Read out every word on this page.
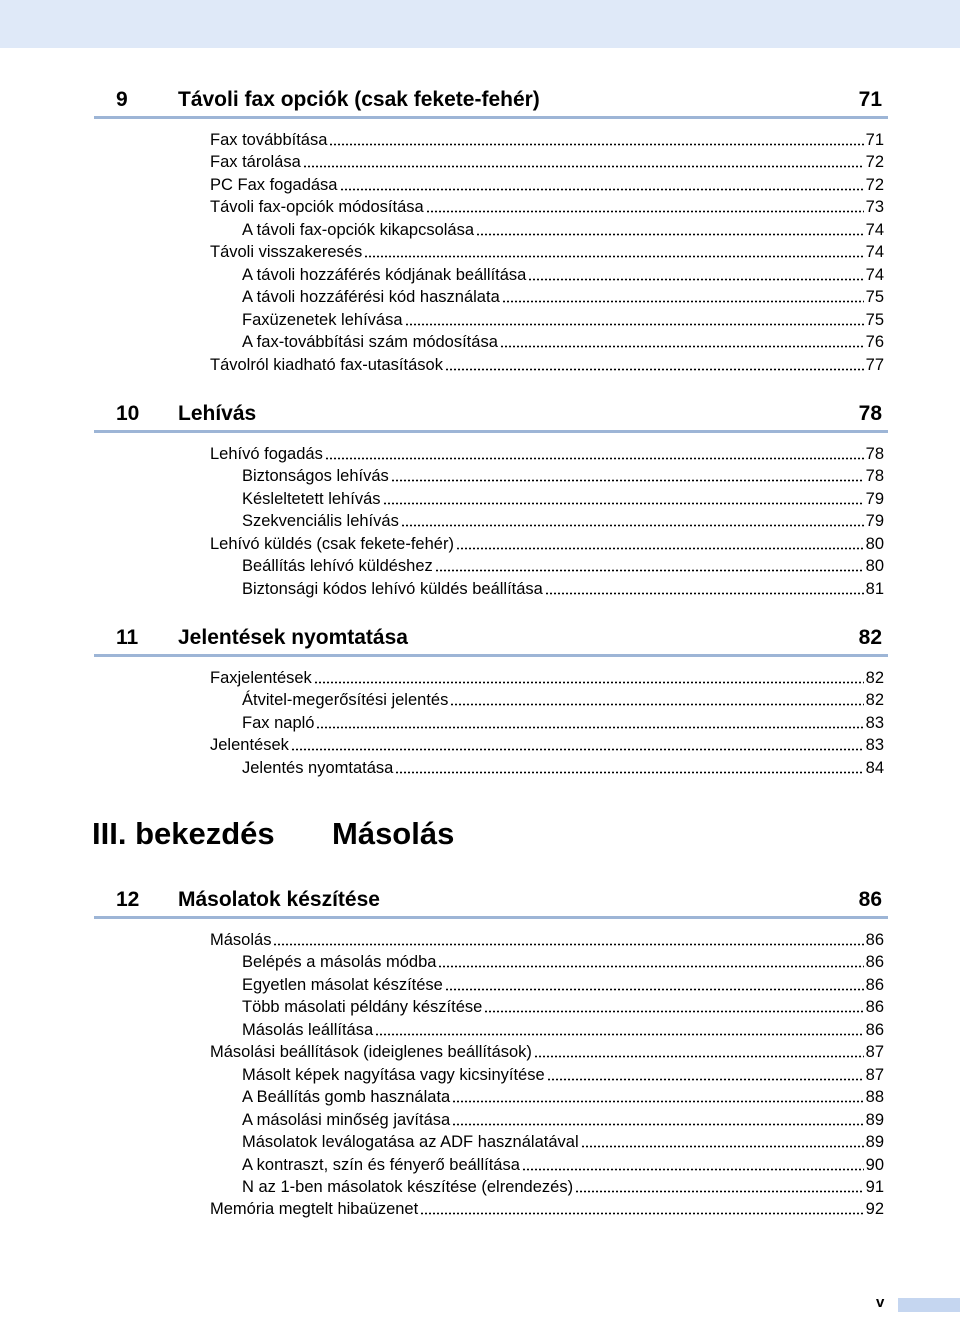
9 Távoli fax opciók (csak fekete-fehér)	71
Fax továbbítása	71
Fax tárolása	72
PC Fax fogadása	72
Távoli fax-opciók módosítása	73
A távoli fax-opciók kikapcsolása	74
Távoli visszakeresés	74
A távoli hozzáférés kódjának beállítása	74
A távoli hozzáférési kód használata	75
Faxüzenetek lehívása	75
A fax-továbbítási szám módosítása	76
Távolról kiadható fax-utasítások	77
10 Lehívás	78
Lehívó fogadás	78
Biztonságos lehívás	78
Késleltetett lehívás	79
Szekvenciális lehívás	79
Lehívó küldés (csak fekete-fehér)	80
Beállítás lehívó küldéshez	80
Biztonsági kódos lehívó küldés beállítása	81
11 Jelentések nyomtatása	82
Faxjelentések	82
Átvitel-megerősítési jelentés	82
Fax napló	83
Jelentések	83
Jelentés nyomtatása	84
12 Másolatok készítése	86
Másolás	86
Belépés a másolás módba	86
Egyetlen másolat készítése	86
Több másolati példány készítése	86
Másolás leállítása	86
Másolási beállítások (ideiglenes beállítások)	87
Másolt képek nagyítása vagy kicsinyítése	87
A Beállítás gomb használata	88
A másolási minőség javítása	89
Másolatok leválogatása az ADF használatával	89
A kontraszt, szín és fényerő beállítása	90
N az 1-ben másolatok készítése (elrendezés)	91
Memória megtelt hibaüzenet	92
III. bekezdés Másolás
v
